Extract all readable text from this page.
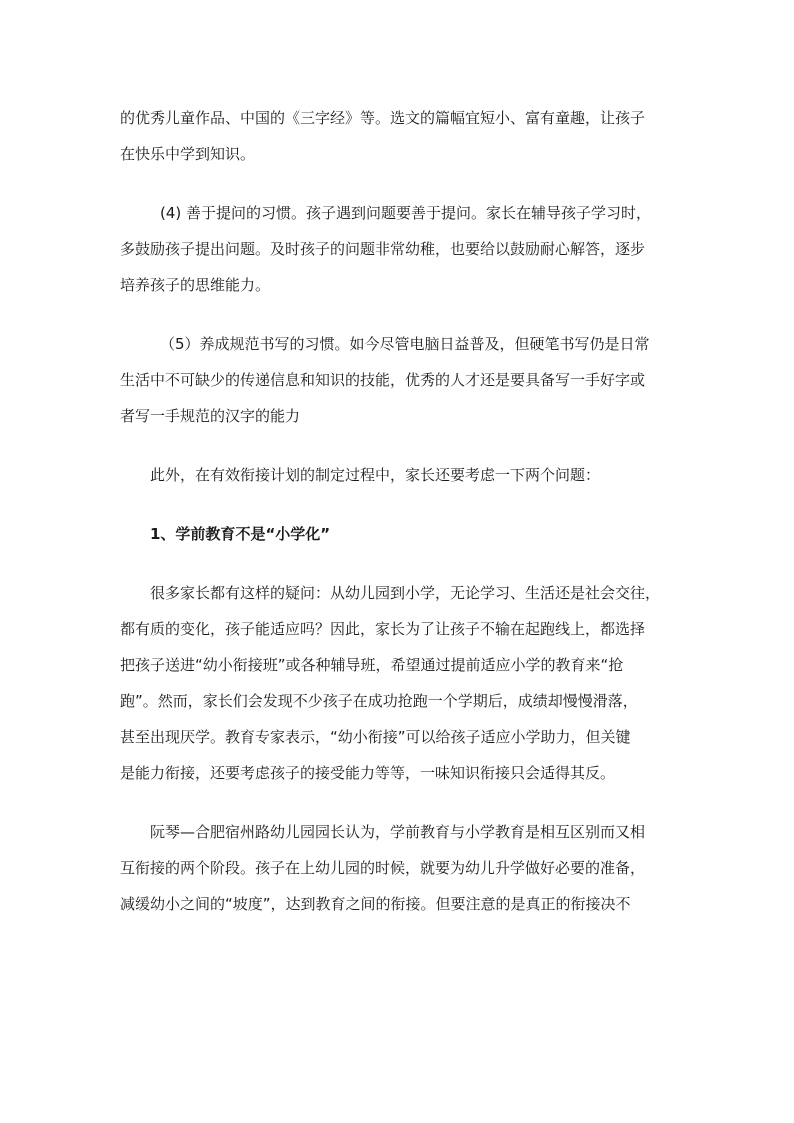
的优秀儿童作品、中国的《三字经》等。选文的篇幅宜短小、富有童趣，让孩子
在快乐中学到知识。
(4) 善于提问的习惯。孩子遇到问题要善于提问。家长在辅导孩子学习时，
多鼓励孩子提出问题。及时孩子的问题非常幼稚，也要给以鼓励耐心解答，逐步
培养孩子的思维能力。
（5）养成规范书写的习惯。如今尽管电脑日益普及，但硬笔书写仍是日常
生活中不可缺少的传递信息和知识的技能，优秀的人才还是要具备写一手好字或
者写一手规范的汉字的能力
此外，在有效衔接计划的制定过程中，家长还要考虑一下两个问题：
1、学前教育不是“小学化”
很多家长都有这样的疑问：从幼儿园到小学，无论学习、生活还是社会交往，
都有质的变化，孩子能适应吗？因此，家长为了让孩子不输在起跑线上，都选择
把孩子送进“幼小衔接班”或各种辅导班，希望通过提前适应小学的教育来“抢
跑”。然而，家长们会发现不少孩子在成功抢跑一个学期后，成绩却慢慢滑落，
甚至出现厌学。教育专家表示，“幼小衔接”可以给孩子适应小学助力，但关键
是能力衔接，还要考虑孩子的接受能力等等，一味知识衔接只会适得其反。
阮琴—合肥宿州路幼儿园园长认为，学前教育与小学教育是相互区别而又相
互衔接的两个阶段。孩子在上幼儿园的时候，就要为幼儿升学做好必要的准备，
减缓幼小之间的“坡度”，达到教育之间的衔接。但要注意的是真正的衔接决不
